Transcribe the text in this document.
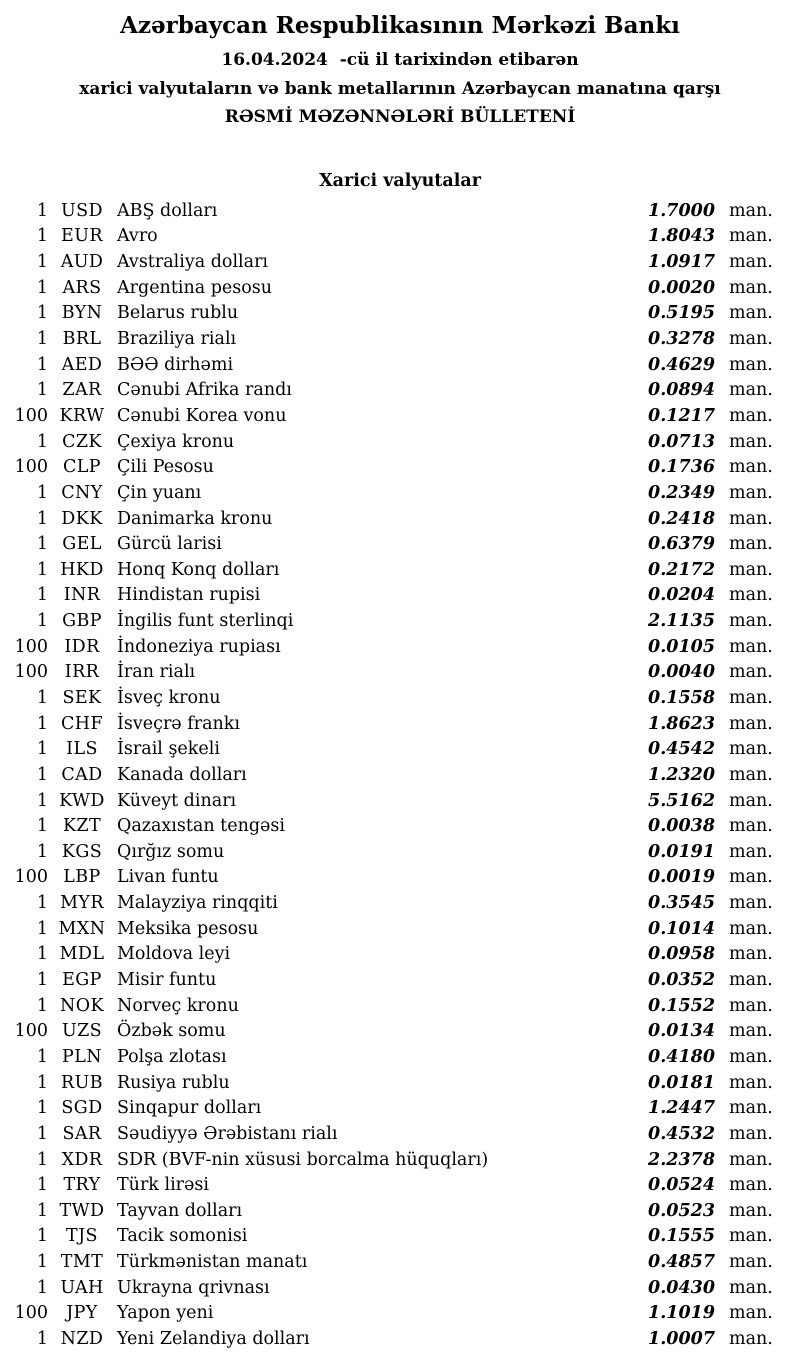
Azərbaycan Respublikasının Mərkəzi Bankı
16.04.2024  -cü il tarixindən etibarən
xarici valyutaların və bank metallarının Azərbaycan manatına qarşı
RƏSMİ MƏZƏNNƏLƏRİ BÜLLETENİ
Xarici valyutalar
1 USD ABŞ dolları	1.7000 man.
1 EUR Avro	1.8043 man.
1 AUD Avstraliya dolları	1.0917 man.
1 ARS Argentina pesosu	0.0020 man.
1 BYN Belarus rublu	0.5195 man.
1 BRL Braziliya rialı	0.3278 man.
1 AED BƏƏ dirhəmi	0.4629 man.
1 ZAR Cənubi Afrika randı	0.0894 man.
100 KRW Cənubi Korea vonu	0.1217 man.
1 CZK Çexiya kronu	0.0713 man.
100 CLP Çili Pesosu	0.1736 man.
1 CNY Çin yuanı	0.2349 man.
1 DKK Danimarka kronu	0.2418 man.
1 GEL Gürcü larisi	0.6379 man.
1 HKD Honq Konq dolları	0.2172 man.
1 INR Hindistan rupisi	0.0204 man.
1 GBP İngilis funt sterlinqi	2.1135 man.
100 IDR İndoneziya rupiası	0.0105 man.
100 IRR	İran rialı	0.0040 man.
1 SEK İsveç kronu	0.1558 man.
1 CHF İsveçrə frankı	1.8623 man.
1	ILS	İsrail şekeli	0.4542 man.
1 CAD Kanada dolları	1.2320 man.
1 KWD Küveyt dinarı	5.5162 man.
1 KZT Qazaxıstan tengəsi	0.0038 man.
1 KGS Qırğız somu	0.0191 man.
100 LBP Livan funtu	0.0019 man.
1 MYR Malayziya rinqqiti	0.3545 man.
1 MXN Meksika pesosu	0.1014 man.
1 MDL Moldova leyi	0.0958 man.
1 EGP Misir funtu	0.0352 man.
1 NOK Norveç kronu	0.1552 man.
100 UZS Özbək somu	0.0134 man.
1 PLN Polşa zlotası	0.4180 man.
1 RUB Rusiya rublu	0.0181 man.
1 SGD Sinqapur dolları	1.2447 man.
1 SAR Səudiyyə Ərəbistanı rialı	0.4532 man.
1 XDR SDR (BVF-nin xüsusi borcalma hüquqları)	2.2378 man.
1 TRY Türk lirəsi	0.0524 man.
1 TWD Tayvan dolları	0.0523 man.
1	TJS	Tacik somonisi	0.1555 man.
1 TMT Türkmənistan manatı	0.4857 man.
1 UAH Ukrayna qrivnası	0.0430 man.
100	JPY	Yapon yeni	1.1019 man.
1 NZD Yeni Zelandiya dolları	1.0007 man.
